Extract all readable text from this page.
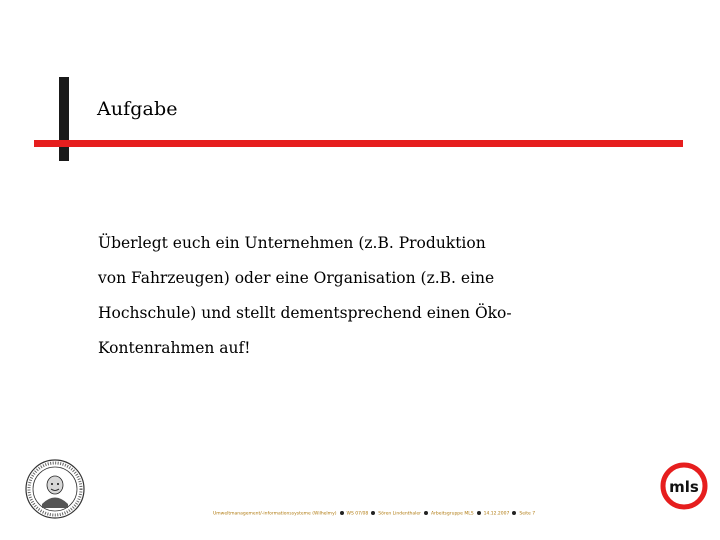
Aufgabe

Überlegt euch ein Unternehmen (z.B. Produktion von Fahrzeugen) oder eine Organisation (z.B. eine Hochschule) und stellt dementsprechend einen Öko-Kontenrahmen auf!

Umweltmanagement/-informationssysteme (Wilhelmy) WS 07/08 Sören Lindenthaler Arbeitsgruppe MLS 14.12.2007 Seite 7
mls
